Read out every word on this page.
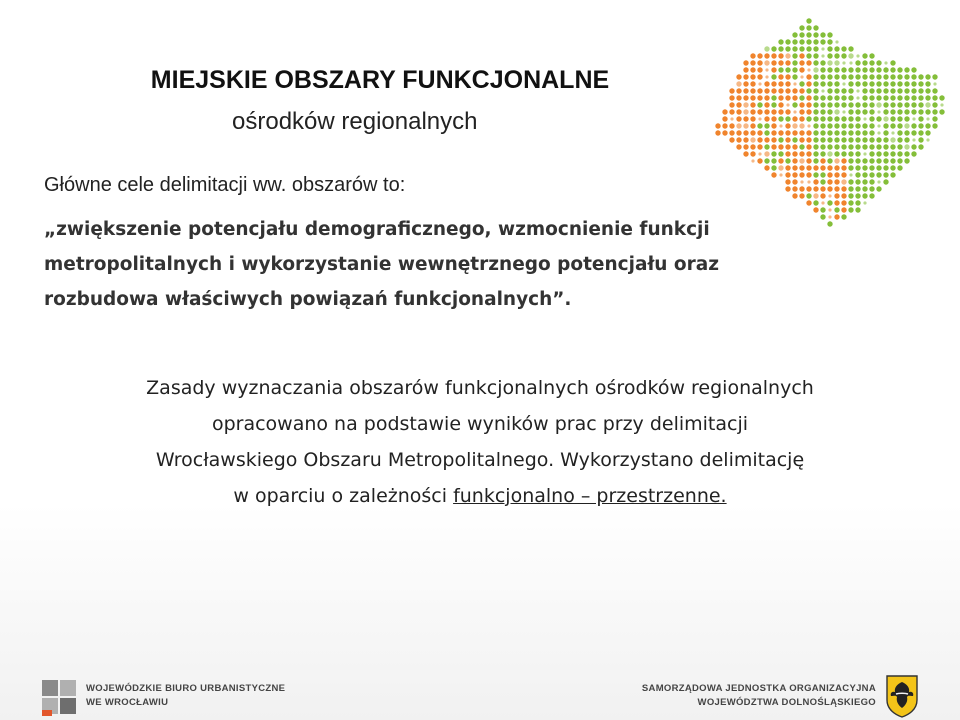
MIEJSKIE OBSZARY FUNKCJONALNE
ośrodków regionalnych
Główne cele delimitacji ww. obszarów to:
„zwiększenie potencjału demograficznego, wzmocnienie funkcji
metropolitalnych i wykorzystanie wewnętrznego potencjału oraz
rozbudowa właściwych powiązań funkcjonalnych”.
Zasady wyznaczania obszarów funkcjonalnych ośrodków regionalnych
opracowano na podstawie wyników prac przy delimitacji
Wrocławskiego Obszaru Metropolitalnego. Wykorzystano delimitację
w oparciu o zależności funkcjonalno – przestrzenne.
WOJEWÓDZKIE BIURO URBANISTYCZNE
WE WROCŁAWIU
SAMORZĄDOWA JEDNOSTKA ORGANIZACYJNA
WOJEWÓDZTWA DOLNOŚLĄSKIEGO
